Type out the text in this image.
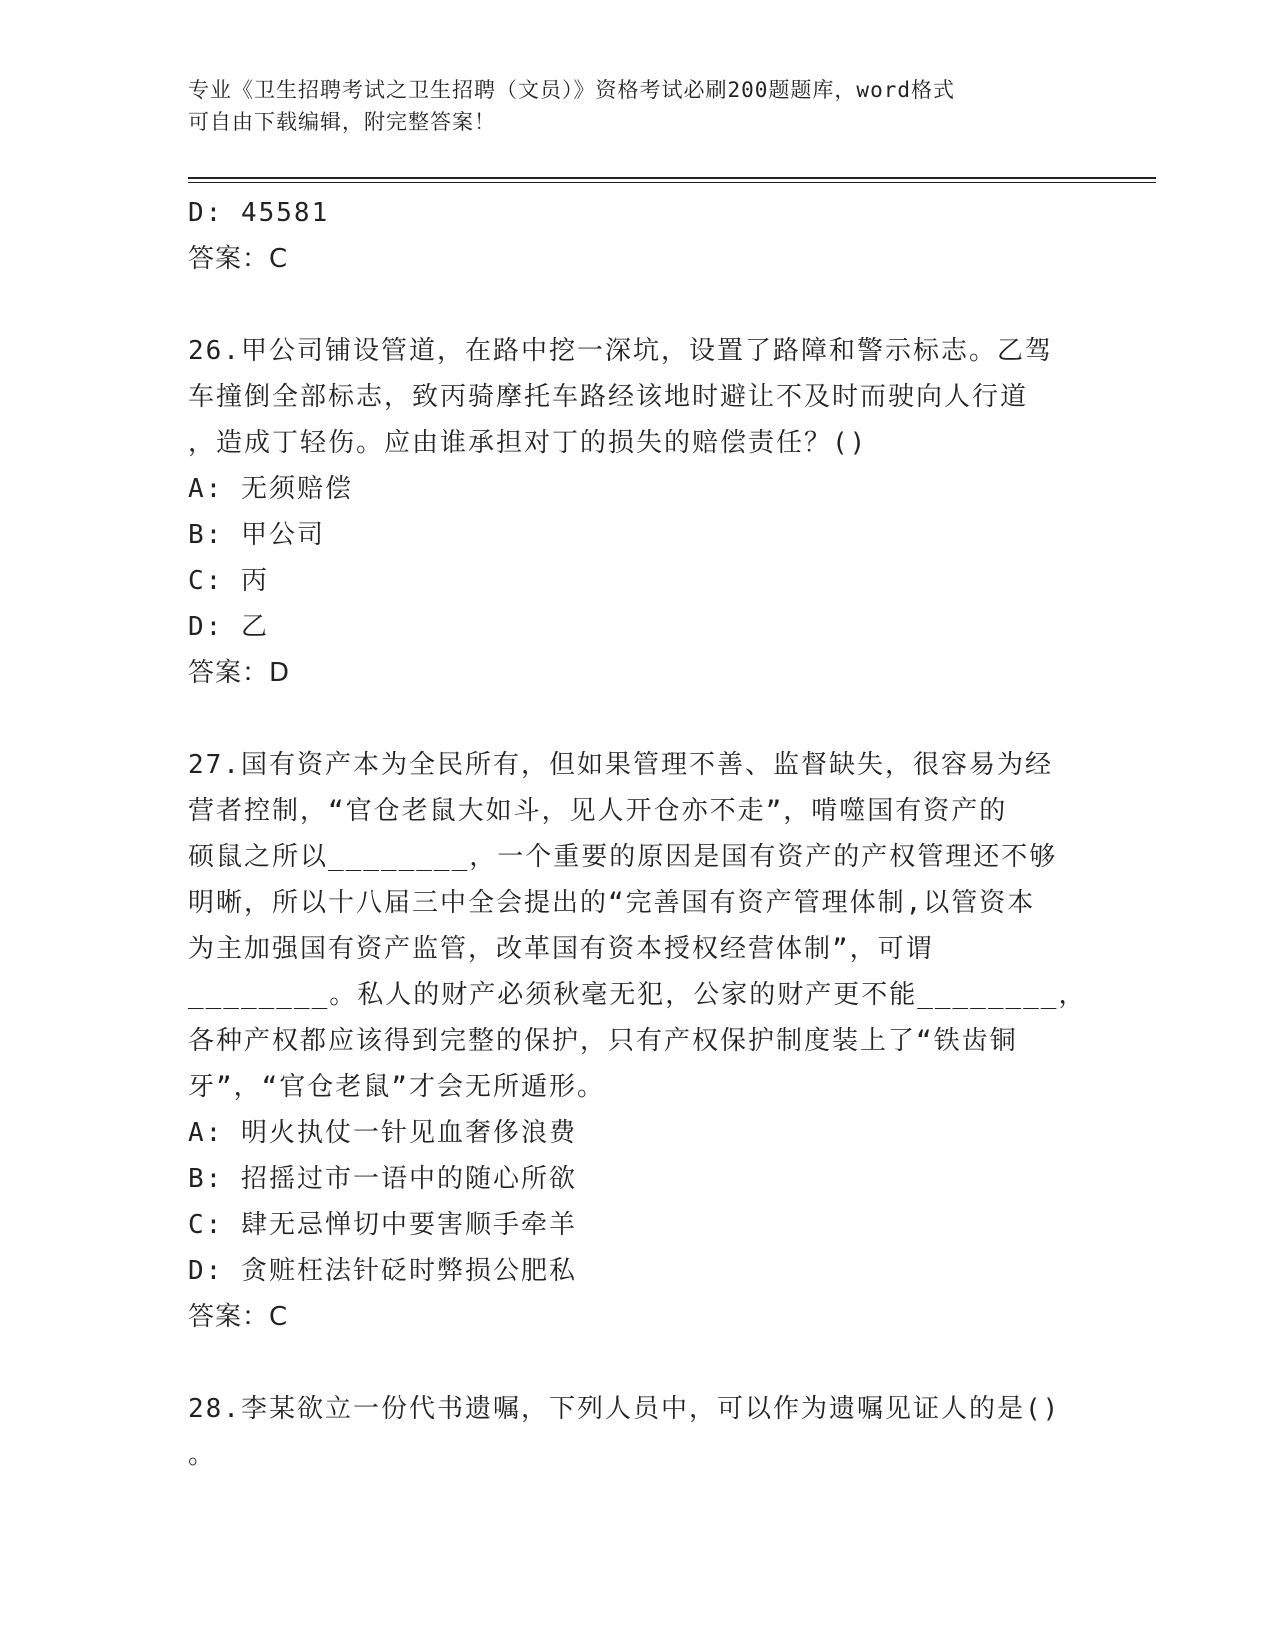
专业《卫生招聘考试之卫生招聘（文员）》资格考试必刷200题题库，word格式
可自由下载编辑，附完整答案！
D: 45581
答案：C
26.甲公司铺设管道，在路中挖一深坑，设置了路障和警示标志。乙驾
车撞倒全部标志，致丙骑摩托车路经该地时避让不及时而驶向人行道
，造成丁轻伤。应由谁承担对丁的损失的赔偿责任？()
A: 无须赔偿
B: 甲公司
C: 丙
D: 乙
答案：D
27.国有资产本为全民所有，但如果管理不善、监督缺失，很容易为经
营者控制，“官仓老鼠大如斗，见人开仓亦不走”，啃噬国有资产的
硕鼠之所以________，一个重要的原因是国有资产的产权管理还不够
明晰，所以十八届三中全会提出的“完善国有资产管理体制,以管资本
为主加强国有资产监管，改革国有资本授权经营体制”，可谓
________。私人的财产必须秋毫无犯，公家的财产更不能________，
各种产权都应该得到完整的保护，只有产权保护制度装上了“铁齿铜
牙”，“官仓老鼠”才会无所遁形。
A: 明火执仗一针见血奢侈浪费
B: 招摇过市一语中的随心所欲
C: 肆无忌惮切中要害顺手牵羊
D: 贪赃枉法针砭时弊损公肥私
答案：C
28.李某欲立一份代书遗嘱，下列人员中，可以作为遗嘱见证人的是()
。
